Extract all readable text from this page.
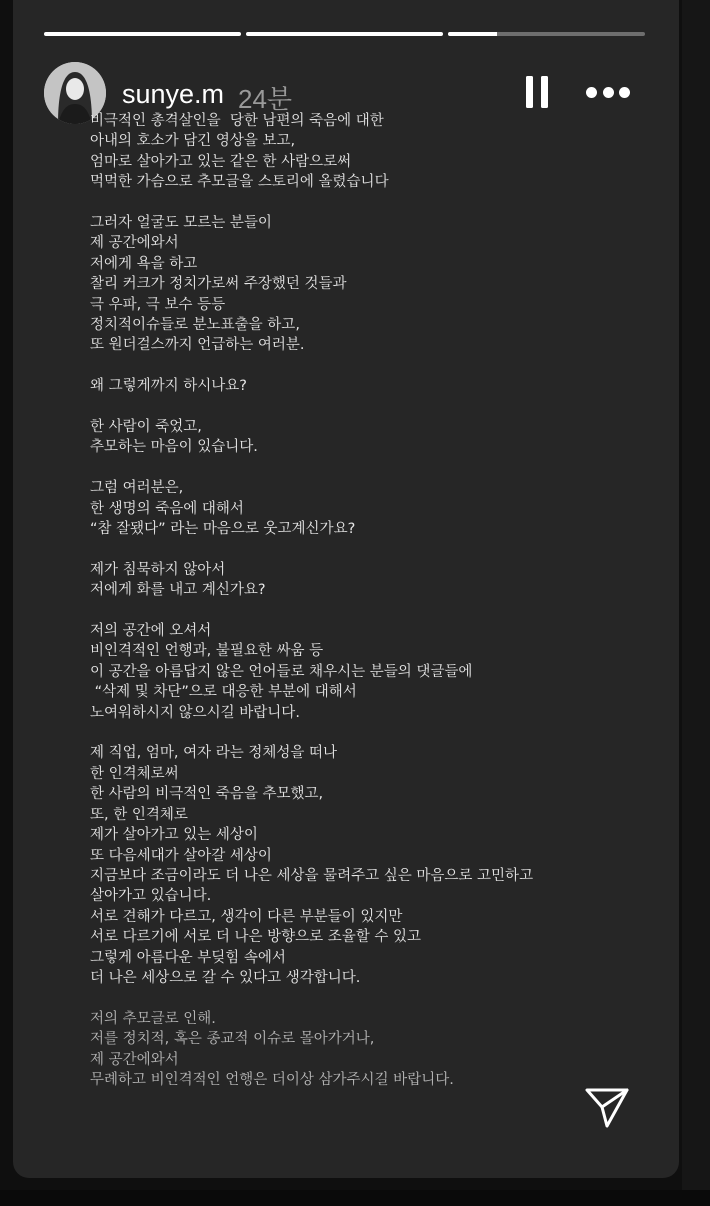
sunye.m 24분
비극적인 총격살인을  당한 남편의 죽음에 대한
아내의 호소가 담긴 영상을 보고,
엄마로 살아가고 있는 같은 한 사람으로써
먹먹한 가슴으로 추모글을 스토리에 올렸습니다
그러자 얼굴도 모르는 분들이
제 공간에와서
저에게 욕을 하고
찰리 커크가 정치가로써 주장했던 것들과
극 우파, 극 보수 등등
정치적이슈들로 분노표출을 하고,
또 원더걸스까지 언급하는 여러분.
왜 그렇게까지 하시나요?
한 사람이 죽었고,
추모하는 마음이 있습니다.
그럼 여러분은,
한 생명의 죽음에 대해서
“참 잘됐다” 라는 마음으로 웃고계신가요?
제가 침묵하지 않아서
저에게 화를 내고 계신가요?
저의 공간에 오셔서
비인격적인 언행과, 불필요한 싸움 등
이 공간을 아름답지 않은 언어들로 채우시는 분들의 댓글들에
“삭제 및 차단”으로 대응한 부분에 대해서
노여워하시지 않으시길 바랍니다.
제 직업, 엄마, 여자 라는 정체성을 떠나
한 인격체로써
한 사람의 비극적인 죽음을 추모했고,
또, 한 인격체로
제가 살아가고 있는 세상이
또 다음세대가 살아갈 세상이
지금보다 조금이라도 더 나은 세상을 물려주고 싶은 마음으로 고민하고
살아가고 있습니다.
서로 견해가 다르고, 생각이 다른 부분들이 있지만
서로 다르기에 서로 더 나은 방향으로 조율할 수 있고
그렇게 아름다운 부딪힘 속에서
더 나은 세상으로 갈 수 있다고 생각합니다.
저의 추모글로 인해.
저를 정치적, 혹은 종교적 이슈로 몰아가거나,
제 공간에와서
무례하고 비인격적인 언행은 더이상 삼가주시길 바랍니다.
